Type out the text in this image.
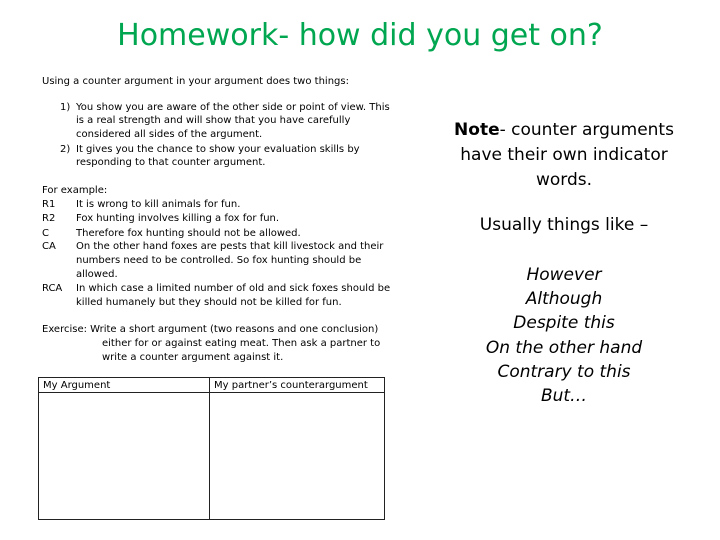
Homework- how did you get on?
Using a counter argument in your argument does two things:
1) You show you are aware of the other side or point of view. This
is a real strength and will show that you have carefully
considered all sides of the argument.
2) It gives you the chance to show your evaluation skills by
responding to that counter argument.
For example:
R1 It is wrong to kill animals for fun.
R2 Fox hunting involves killing a fox for fun.
C	Therefore fox hunting should not be allowed.
CA On the other hand foxes are pests that kill livestock and their
numbers need to be controlled. So fox hunting should be
allowed.
RCA In which case a limited number of old and sick foxes should be
killed humanely but they should not be killed for fun.
Exercise: Write a short argument (two reasons and one conclusion)
either for or against eating meat. Then ask a partner to
write a counter argument against it.
My Argument	My partner’s counterargument
Note- counter arguments
have their own indicator
words.
Usually things like –
However
Although
Despite this
On the other hand
Contrary to this
But…
